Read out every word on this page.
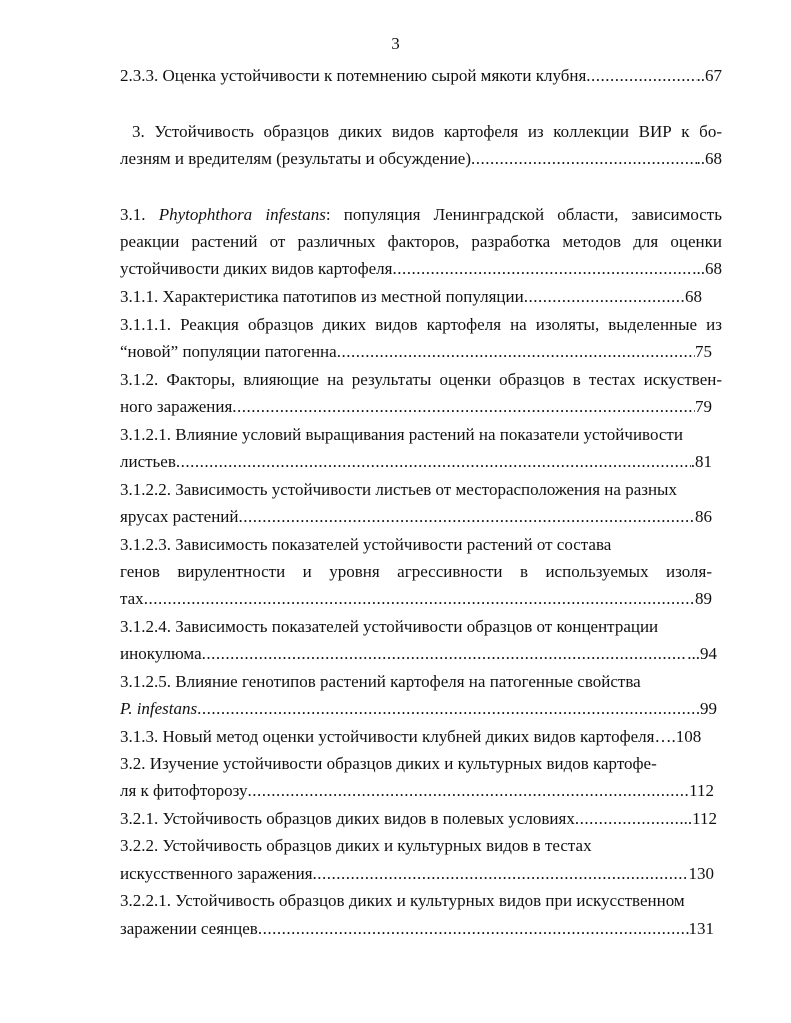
3
2.3.3. Оценка устойчивости к потемнению сырой мякоти клубня .....	..67
3. Устойчивость образцов диких видов картофеля из коллекции ВИР к бо-
лезням и вредителям (результаты и обсуждение) .....	..68
3.1. Phytophthora infestans: популяция Ленинградской области, зависимость
реакции растений от различных факторов, разработка методов для оценки
устойчивости диких видов картофеля .....	...68
3.1.1. Характеристика патотипов из местной популяции .....	68
3.1.1.1. Реакция образцов диких видов картофеля на изоляты, выделенные из
“новой” популяции патогенна .....	75
3.1.2. Факторы, влияющие на результаты оценки образцов в тестах искуствен-
ного заражения .....	79
3.1.2.1. Влияние условий выращивания растений на показатели устойчивости
листьев .....	.81
3.1.2.2. Зависимость устойчивости листьев от месторасположения на разных
ярусах растений .....	86
3.1.2.3. Зависимость показателей устойчивости растений от состава
генов вирулентности и уровня агрессивности в используемых изоля-
тах .....	89
3.1.2.4. Зависимость показателей устойчивости образцов от концентрации
инокулюма .....	...94
3.1.2.5. Влияние генотипов растений картофеля на патогенные свойства
P. infestans .....	99
3.1.3. Новый метод оценки устойчивости клубней диких видов картофеля ….108
3.2. Изучение устойчивости образцов диких и культурных видов картофе-
ля к фитофторозу .....	112
3.2.1. Устойчивость образцов диких видов в полевых условиях .....	...112
3.2.2. Устойчивость образцов диких и культурных видов в тестах
искусственного заражения .....	130
3.2.2.1. Устойчивость образцов диких и культурных видов при искусственном
заражении сеянцев .....	131
